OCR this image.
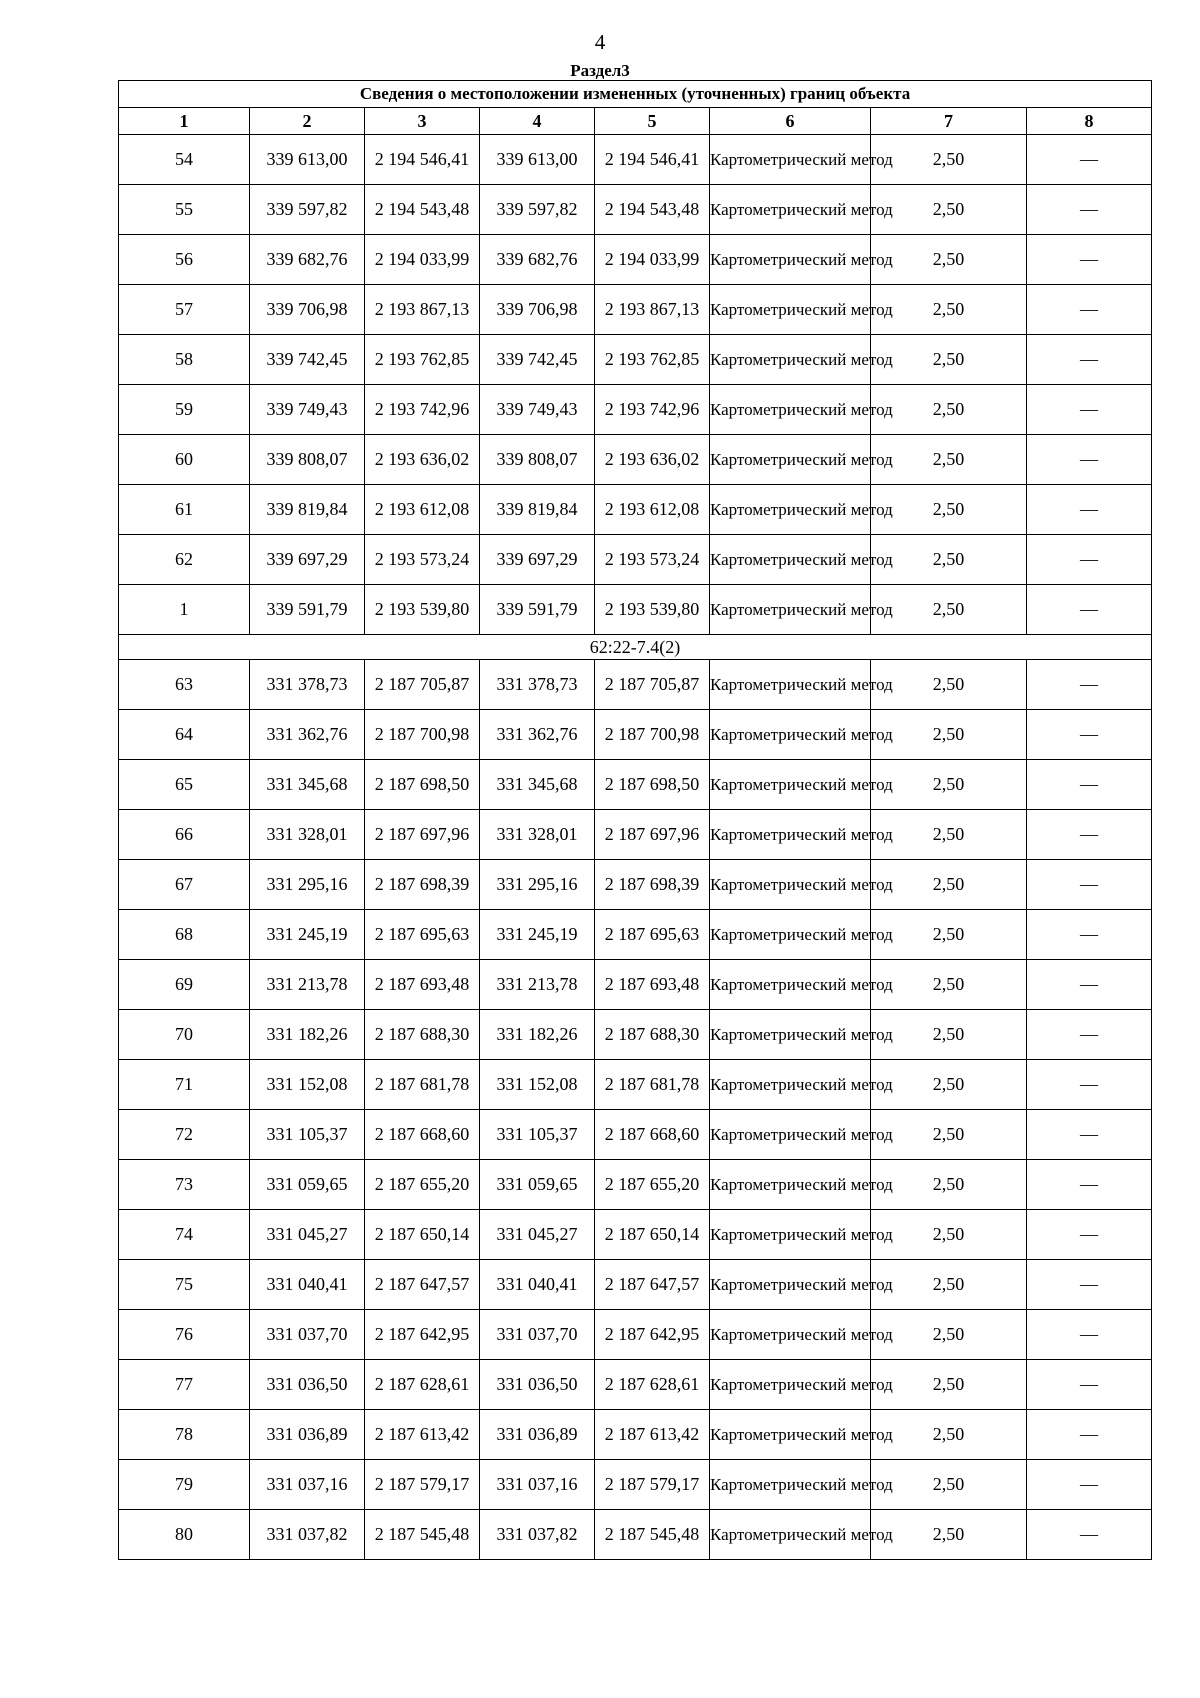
4
Раздел3
Сведения о местоположении измененных (уточненных) границ объекта							
1	2	3	4	5	6	7	8
54	339 613,00	2 194 546,41	339 613,00	2 194 546,41	Картометрический метод	2,50	—
55	339 597,82	2 194 543,48	339 597,82	2 194 543,48	Картометрический метод	2,50	—
56	339 682,76	2 194 033,99	339 682,76	2 194 033,99	Картометрический метод	2,50	—
57	339 706,98	2 193 867,13	339 706,98	2 193 867,13	Картометрический метод	2,50	—
58	339 742,45	2 193 762,85	339 742,45	2 193 762,85	Картометрический метод	2,50	—
59	339 749,43	2 193 742,96	339 749,43	2 193 742,96	Картометрический метод	2,50	—
60	339 808,07	2 193 636,02	339 808,07	2 193 636,02	Картометрический метод	2,50	—
61	339 819,84	2 193 612,08	339 819,84	2 193 612,08	Картометрический метод	2,50	—
62	339 697,29	2 193 573,24	339 697,29	2 193 573,24	Картометрический метод	2,50	—
1	339 591,79	2 193 539,80	339 591,79	2 193 539,80	Картометрический метод	2,50	—
62:22-7.4(2)							
63	331 378,73	2 187 705,87	331 378,73	2 187 705,87	Картометрический метод	2,50	—
64	331 362,76	2 187 700,98	331 362,76	2 187 700,98	Картометрический метод	2,50	—
65	331 345,68	2 187 698,50	331 345,68	2 187 698,50	Картометрический метод	2,50	—
66	331 328,01	2 187 697,96	331 328,01	2 187 697,96	Картометрический метод	2,50	—
67	331 295,16	2 187 698,39	331 295,16	2 187 698,39	Картометрический метод	2,50	—
68	331 245,19	2 187 695,63	331 245,19	2 187 695,63	Картометрический метод	2,50	—
69	331 213,78	2 187 693,48	331 213,78	2 187 693,48	Картометрический метод	2,50	—
70	331 182,26	2 187 688,30	331 182,26	2 187 688,30	Картометрический метод	2,50	—
71	331 152,08	2 187 681,78	331 152,08	2 187 681,78	Картометрический метод	2,50	—
72	331 105,37	2 187 668,60	331 105,37	2 187 668,60	Картометрический метод	2,50	—
73	331 059,65	2 187 655,20	331 059,65	2 187 655,20	Картометрический метод	2,50	—
74	331 045,27	2 187 650,14	331 045,27	2 187 650,14	Картометрический метод	2,50	—
75	331 040,41	2 187 647,57	331 040,41	2 187 647,57	Картометрический метод	2,50	—
76	331 037,70	2 187 642,95	331 037,70	2 187 642,95	Картометрический метод	2,50	—
77	331 036,50	2 187 628,61	331 036,50	2 187 628,61	Картометрический метод	2,50	—
78	331 036,89	2 187 613,42	331 036,89	2 187 613,42	Картометрический метод	2,50	—
79	331 037,16	2 187 579,17	331 037,16	2 187 579,17	Картометрический метод	2,50	—
80	331 037,82	2 187 545,48	331 037,82	2 187 545,48	Картометрический метод	2,50	—
